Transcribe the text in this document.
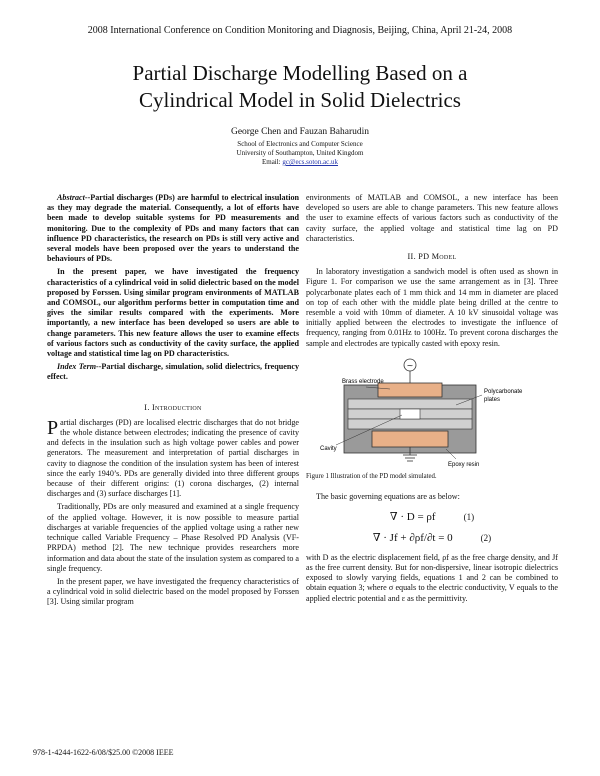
2008 International Conference on Condition Monitoring and Diagnosis, Beijing, China, April 21-24, 2008
Partial Discharge Modelling Based on a
Cylindrical Model in Solid Dielectrics
George Chen and Fauzan Baharudin
School of Electronics and Computer Science
University of Southampton, United Kingdom
Email: gc@ecs.soton.ac.uk

Abstract--Partial discharges (PDs) are harmful to electrical insulation as they may degrade the material. Consequently, a lot of efforts have been made to develop suitable systems for PD measurements and monitoring. Due to the complexity of PDs and many factors that can influence PD characteristics, the research on PDs is still very active and several models have been proposed over the years to understand the behaviours of PDs.

In the present paper, we have investigated the frequency characteristics of a cylindrical void in solid dielectric based on the model proposed by Forssen. Using similar program environments of MATLAB and COMSOL, our algorithm performs better in computation time and gives the similar results compared with the experiments. More importantly, a new interface has been developed so users are able to change parameters. This new feature allows the user to examine effects of various factors such as conductivity of the cavity surface, the applied voltage and statistical time lag on PD characteristics.

Index Term--Partial discharge, simulation, solid dielectrics, frequency effect.

I. Introduction

Partial discharges (PD) are localised electric discharges that do not bridge the whole distance between electrodes; indicating the presence of cavity and defects in the insulation such as high voltage power cables and power generators. The measurement and interpretation of partial discharges in cavity to diagnose the condition of the insulation system has been of interest since the early 1940’s. PDs are generally divided into three different groups because of their different origins: (1) corona discharges, (2) internal discharges and (3) surface discharges [1].

Traditionally, PDs are only measured and examined at a single frequency of the applied voltage. However, it is now possible to measure partial discharges at variable frequencies of the applied voltage using a rather new technique called Variable Frequency – Phase Resolved PD Analysis (VF-PRPDA) method [2]. The new technique provides researchers more information and data about the state of the insulation system as compared to a single frequency.

In the present paper, we have investigated the frequency characteristics of a cylindrical void in solid dielectric based on the model proposed by Forssen [3]. Using similar program

environments of MATLAB and COMSOL, a new interface has been developed so users are able to change parameters. This new feature allows the user to examine effects of various factors such as conductivity of the cavity surface, the applied voltage and statistical time lag on PD characteristics.

II. PD Model

In laboratory investigation a sandwich model is often used as shown in Figure 1. For comparison we use the same arrangement as in [3]. Three polycarbonate plates each of 1 mm thick and 14 mm in diameter are placed on top of each other with the middle plate being drilled at the centre to resemble a void with 10mm of diameter. A 10 kV sinusoidal voltage was initially applied between the electrodes to investigate the influence of frequency, ranging from 0.01Hz to 100Hz. To prevent corona discharges the sample and electrodes are typically casted with epoxy resin.

~
Brass electrode
Polycarbonate
plates
Cavity
Epoxy resin
Figure 1 Illustration of the PD model simulated.

The basic governing equations are as below:

∇ · D = ρf	(1)
∇ · Jf + ∂ρf/∂t = 0	(2)

with D as the electric displacement field, ρf as the free charge density, and Jf as the free current density. But for non-dispersive, linear isotropic dielectrics exposed to slowly varying fields, equations 1 and 2 can be combined to obtain equation 3; where σ equals to the electric conductivity, V equals to the applied electric potential and ε as the permittivity.

978-1-4244-1622-6/08/$25.00 ©2008 IEEE
